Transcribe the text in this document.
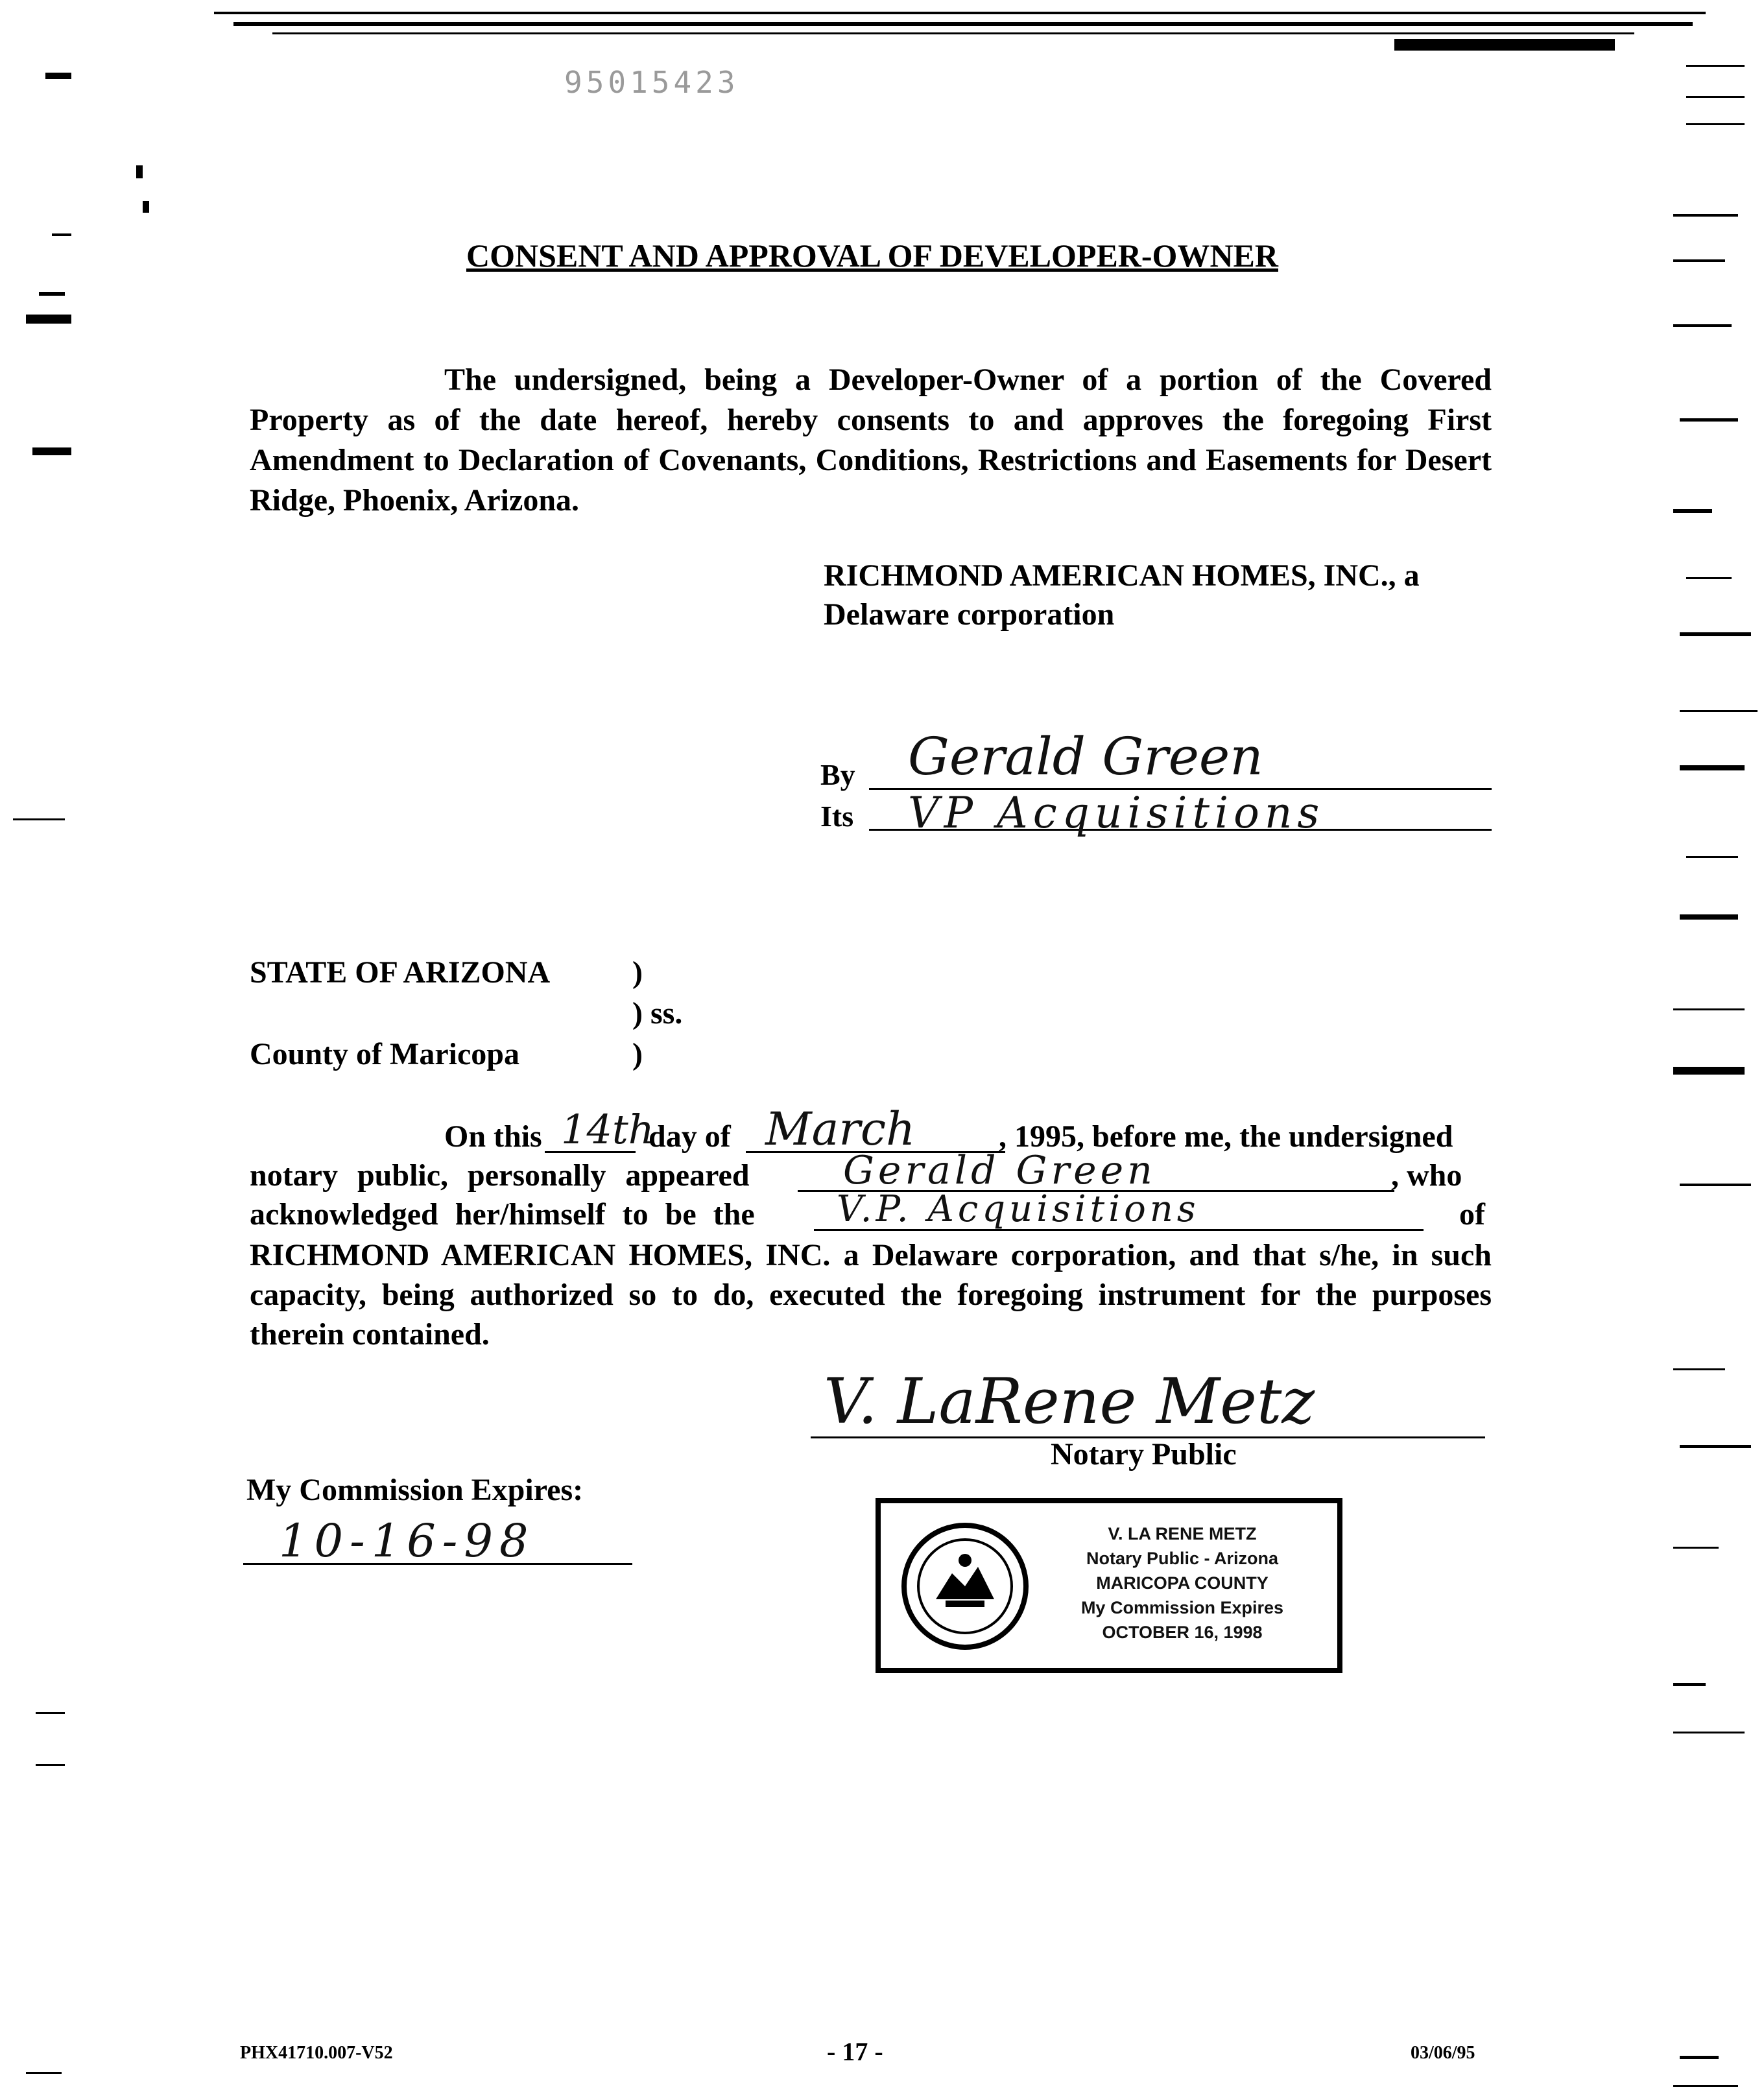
95015423
CONSENT AND APPROVAL OF DEVELOPER-OWNER
The undersigned, being a Developer-Owner of a portion of the Covered Property as of the date hereof, hereby consents to and approves the foregoing First Amendment to Declaration of Covenants, Conditions, Restrictions and Easements for Desert Ridge, Phoenix, Arizona.
RICHMOND AMERICAN HOMES, INC., a
Delaware corporation
By Gerald Green
Its VP Acquisitions
STATE OF ARIZONA	)
) ss.
County of Maricopa	)
On this 14th
day of March	, 1995, before me, the undersigned
notary public, personally appeared Gerald Green	, who
acknowledged her/himself to be the V.P. Acquisitions	of
RICHMOND AMERICAN HOMES, INC. a Delaware corporation, and that s/he, in such capacity, being authorized so to do, executed the foregoing instrument for the purposes therein contained.
V. LaRene Metz
Notary Public
My Commission Expires:
10-16-98	V. LA RENE METZ
Notary Public - Arizona
MARICOPA COUNTY
My Commission Expires
OCTOBER 16, 1998
PHX41710.007-V52	- 17 -	03/06/95
